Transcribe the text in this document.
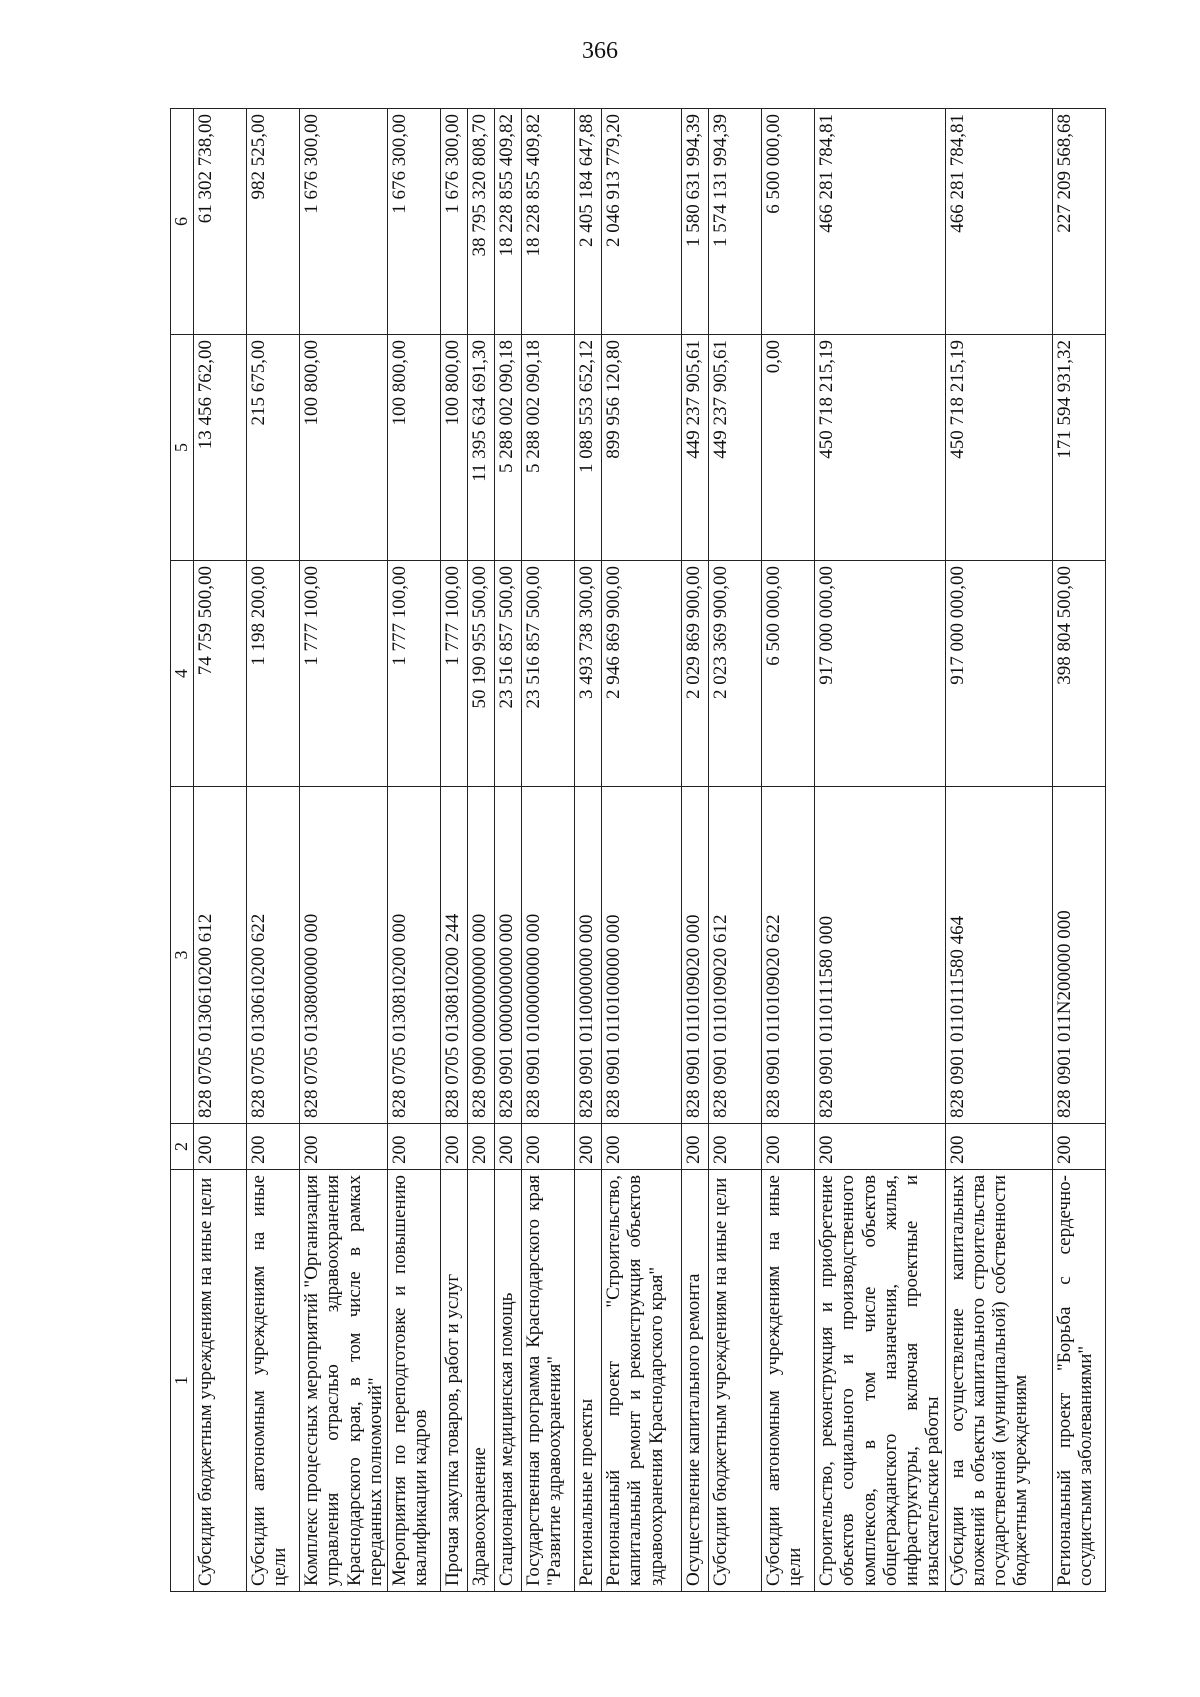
366
1	2	3	4	5	6
Субсидии бюджетным учреждениям на иные цели	200	828 0705 0130610200 612	74 759 500,00	13 456 762,00	61 302 738,00
Субсидии автономным учреждениям на иные цели	200	828 0705 0130610200 622	1 198 200,00	215 675,00	982 525,00
Комплекс процессных мероприятий "Организация управления отраслью здравоохранения Краснодарского края, в том числе в рамках переданных полномочий"	200	828 0705 0130800000 000	1 777 100,00	100 800,00	1 676 300,00
Мероприятия по переподготовке и повышению квалификации кадров	200	828 0705 0130810200 000	1 777 100,00	100 800,00	1 676 300,00
Прочая закупка товаров, работ и услуг	200	828 0705 0130810200 244	1 777 100,00	100 800,00	1 676 300,00
Здравоохранение	200	828 0900 0000000000 000	50 190 955 500,00	11 395 634 691,30	38 795 320 808,70
Стационарная медицинская помощь	200	828 0901 0000000000 000	23 516 857 500,00	5 288 002 090,18	18 228 855 409,82
Государственная программа Краснодарского края "Развитие здравоохранения"	200	828 0901 0100000000 000	23 516 857 500,00	5 288 002 090,18	18 228 855 409,82
Региональные проекты	200	828 0901 0110000000 000	3 493 738 300,00	1 088 553 652,12	2 405 184 647,88
Региональный проект "Строительство, капитальный ремонт и реконструкция объектов здравоохранения Краснодарского края"	200	828 0901 0110100000 000	2 946 869 900,00	899 956 120,80	2 046 913 779,20
Осуществление капитального ремонта	200	828 0901 0110109020 000	2 029 869 900,00	449 237 905,61	1 580 631 994,39
Субсидии бюджетным учреждениям на иные цели	200	828 0901 0110109020 612	2 023 369 900,00	449 237 905,61	1 574 131 994,39
Субсидии автономным учреждениям на иные цели	200	828 0901 0110109020 622	6 500 000,00	0,00	6 500 000,00
Строительство, реконструкция и приобретение объектов социального и производственного комплексов, в том числе объектов общегражданского назначения, жилья, инфраструктуры, включая проектные и изыскательские работы	200	828 0901 0110111580 000	917 000 000,00	450 718 215,19	466 281 784,81
Субсидии на осуществление капитальных вложений в объекты капитального строительства государственной (муниципальной) собственности бюджетным учреждениям	200	828 0901 0110111580 464	917 000 000,00	450 718 215,19	466 281 784,81
Региональный проект "Борьба с сердечно-сосудистыми заболеваниями"	200	828 0901 011N200000 000	398 804 500,00	171 594 931,32	227 209 568,68
